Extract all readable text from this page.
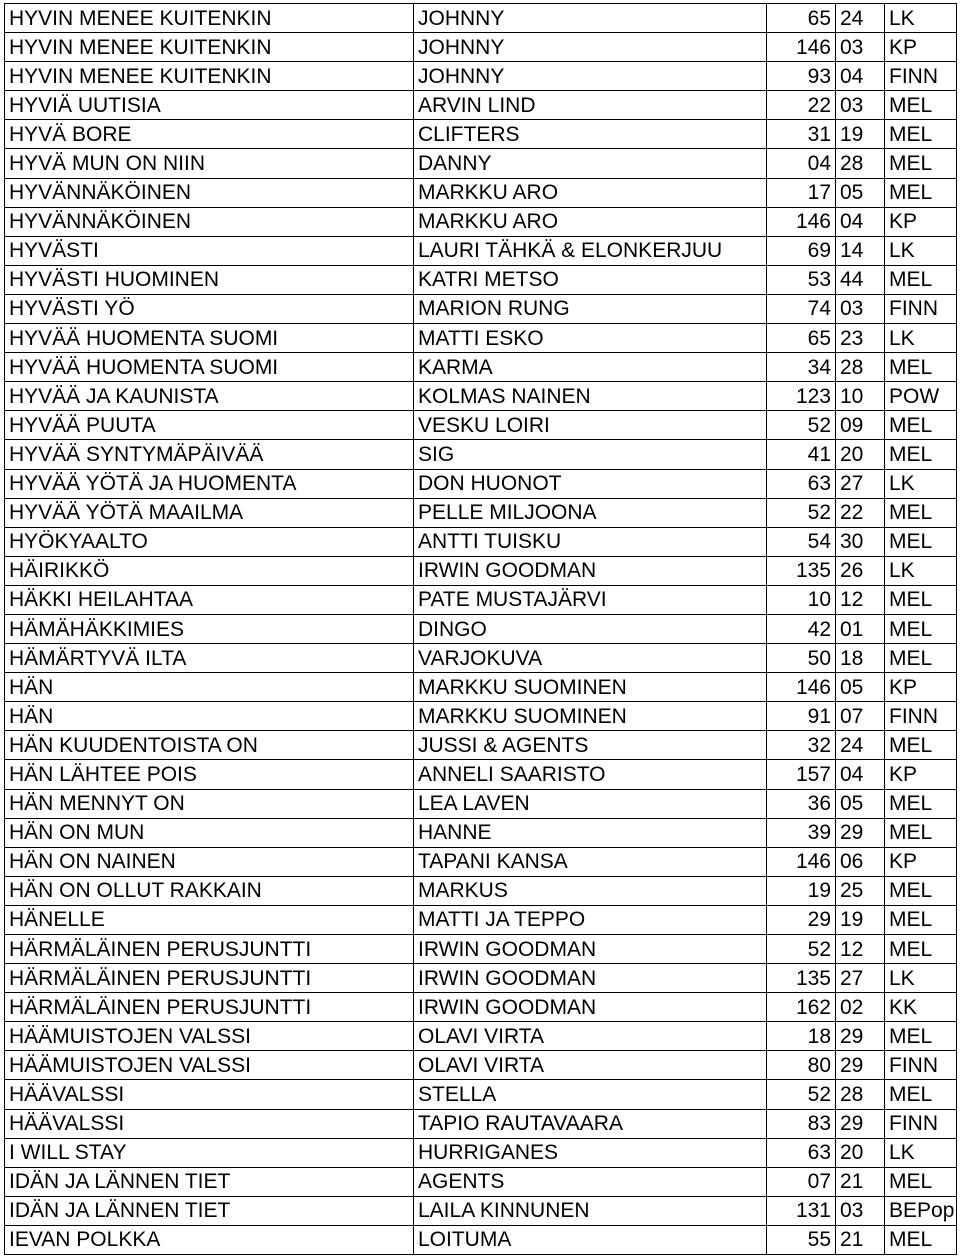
HYVIN MENEE KUITENKIN	JOHNNY	65	24	LK
HYVIN MENEE KUITENKIN	JOHNNY	146	03	KP
HYVIN MENEE KUITENKIN	JOHNNY	93	04	FINN
HYVIÄ UUTISIA	ARVIN LIND	22	03	MEL
HYVÄ BORE	CLIFTERS	31	19	MEL
HYVÄ MUN ON NIIN	DANNY	04	28	MEL
HYVÄNNÄKÖINEN	MARKKU ARO	17	05	MEL
HYVÄNNÄKÖINEN	MARKKU ARO	146	04	KP
HYVÄSTI	LAURI TÄHKÄ & ELONKERJUU	69	14	LK
HYVÄSTI HUOMINEN	KATRI METSO	53	44	MEL
HYVÄSTI YÖ	MARION RUNG	74	03	FINN
HYVÄÄ HUOMENTA SUOMI	MATTI ESKO	65	23	LK
HYVÄÄ HUOMENTA SUOMI	KARMA	34	28	MEL
HYVÄÄ JA KAUNISTA	KOLMAS NAINEN	123	10	POW
HYVÄÄ PUUTA	VESKU LOIRI	52	09	MEL
HYVÄÄ SYNTYMÄPÄIVÄÄ	SIG	41	20	MEL
HYVÄÄ YÖTÄ JA HUOMENTA	DON HUONOT	63	27	LK
HYVÄÄ YÖTÄ MAAILMA	PELLE MILJOONA	52	22	MEL
HYÖKYAALTO	ANTTI TUISKU	54	30	MEL
HÄIRIKKÖ	IRWIN GOODMAN	135	26	LK
HÄKKI HEILAHTAA	PATE MUSTAJÄRVI	10	12	MEL
HÄMÄHÄKKIMIES	DINGO	42	01	MEL
HÄMÄRTYVÄ ILTA	VARJOKUVA	50	18	MEL
HÄN	MARKKU SUOMINEN	146	05	KP
HÄN	MARKKU SUOMINEN	91	07	FINN
HÄN KUUDENTOISTA ON	JUSSI & AGENTS	32	24	MEL
HÄN LÄHTEE POIS	ANNELI SAARISTO	157	04	KP
HÄN MENNYT ON	LEA LAVEN	36	05	MEL
HÄN ON MUN	HANNE	39	29	MEL
HÄN ON NAINEN	TAPANI KANSA	146	06	KP
HÄN ON OLLUT RAKKAIN	MARKUS	19	25	MEL
HÄNELLE	MATTI JA TEPPO	29	19	MEL
HÄRMÄLÄINEN PERUSJUNTTI	IRWIN GOODMAN	52	12	MEL
HÄRMÄLÄINEN PERUSJUNTTI	IRWIN GOODMAN	135	27	LK
HÄRMÄLÄINEN PERUSJUNTTI	IRWIN GOODMAN	162	02	KK
HÄÄMUISTOJEN VALSSI	OLAVI VIRTA	18	29	MEL
HÄÄMUISTOJEN VALSSI	OLAVI VIRTA	80	29	FINN
HÄÄVALSSI	STELLA	52	28	MEL
HÄÄVALSSI	TAPIO RAUTAVAARA	83	29	FINN
I WILL STAY	HURRIGANES	63	20	LK
IDÄN JA LÄNNEN TIET	AGENTS	07	21	MEL
IDÄN JA LÄNNEN TIET	LAILA KINNUNEN	131	03	BEPop
IEVAN POLKKA	LOITUMA	55	21	MEL
